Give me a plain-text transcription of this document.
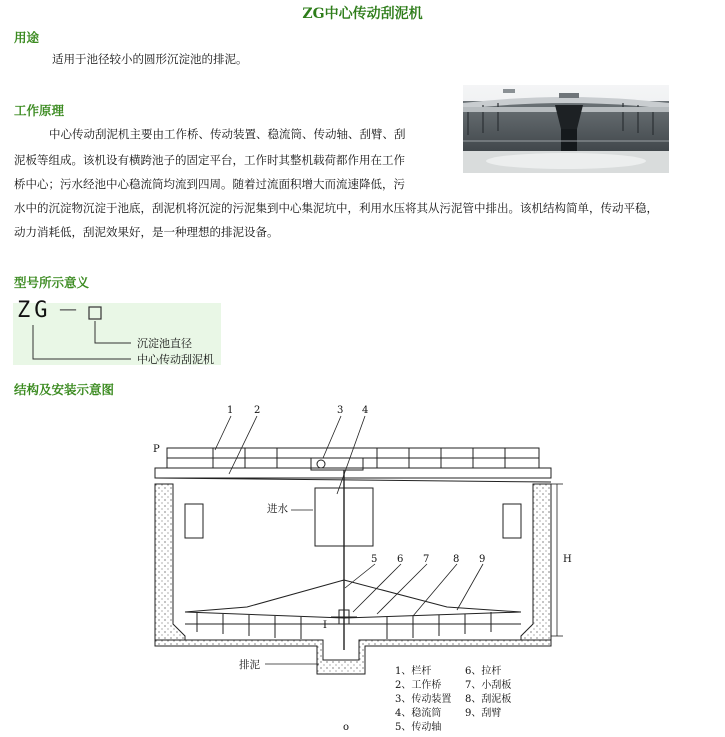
ZG中心传动刮泥机
用途
适用于池径较小的圆形沉淀池的排泥。
工作原理
中心传动刮泥机主要由工作桥、传动装置、稳流筒、传动轴、刮臂、刮
泥板等组成。该机设有横跨池子的固定平台，工作时其整机载荷都作用在工作
桥中心；污水经池中心稳流筒均流到四周。随着过流面积增大而流速降低，污
水中的沉淀物沉淀于池底，刮泥机将沉淀的污泥集到中心集泥坑中，利用水压将其从污泥管中排出。该机结构简单，传动平稳，
动力消耗低，刮泥效果好，是一种理想的排泥设备。
型号所示意义
ZG —
沉淀池直径
中心传动刮泥机
结构及安装示意图
1 2	3 4
5 6 7 8 9
P
H
I
o
进水
排泥
1、栏杆	6、拉杆
2、工作桥 7、小刮板
3、传动装置 8、刮泥板
4、稳流筒 9、刮臂
5、传动轴
